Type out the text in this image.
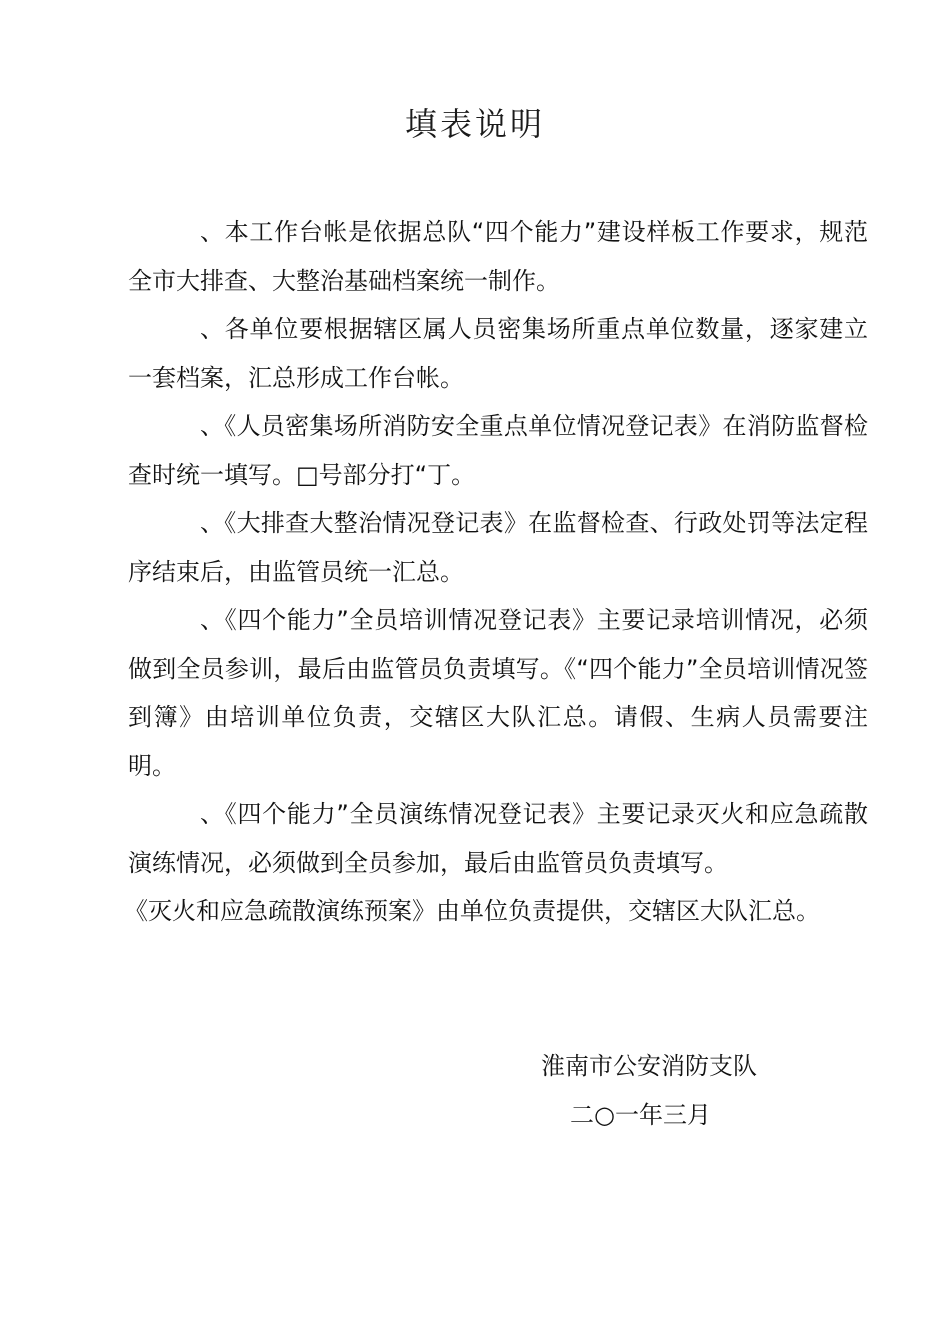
填表说明

、本工作台帐是依据总队“四个能力”建设样板工作要求，规范全市大排查、大整治基础档案统一制作。

、各单位要根据辖区属人员密集场所重点单位数量，逐家建立一套档案，汇总形成工作台帐。

、《人员密集场所消防安全重点单位情况登记表》在消防监督检查时统一填写。□号部分打“丁。

、《大排查大整治情况登记表》在监督检查、行政处罚等法定程序结束后，由监管员统一汇总。

、《四个能力”全员培训情况登记表》主要记录培训情况，必须做到全员参训，最后由监管员负责填写。《“四个能力”全员培训情况签到簿》由培训单位负责，交辖区大队汇总。请假、生病人员需要注明。

、《四个能力”全员演练情况登记表》主要记录灭火和应急疏散演练情况，必须做到全员参加，最后由监管员负责填写。

《灭火和应急疏散演练预案》由单位负责提供，交辖区大队汇总。

淮南市公安消防支队
二○一年三月
